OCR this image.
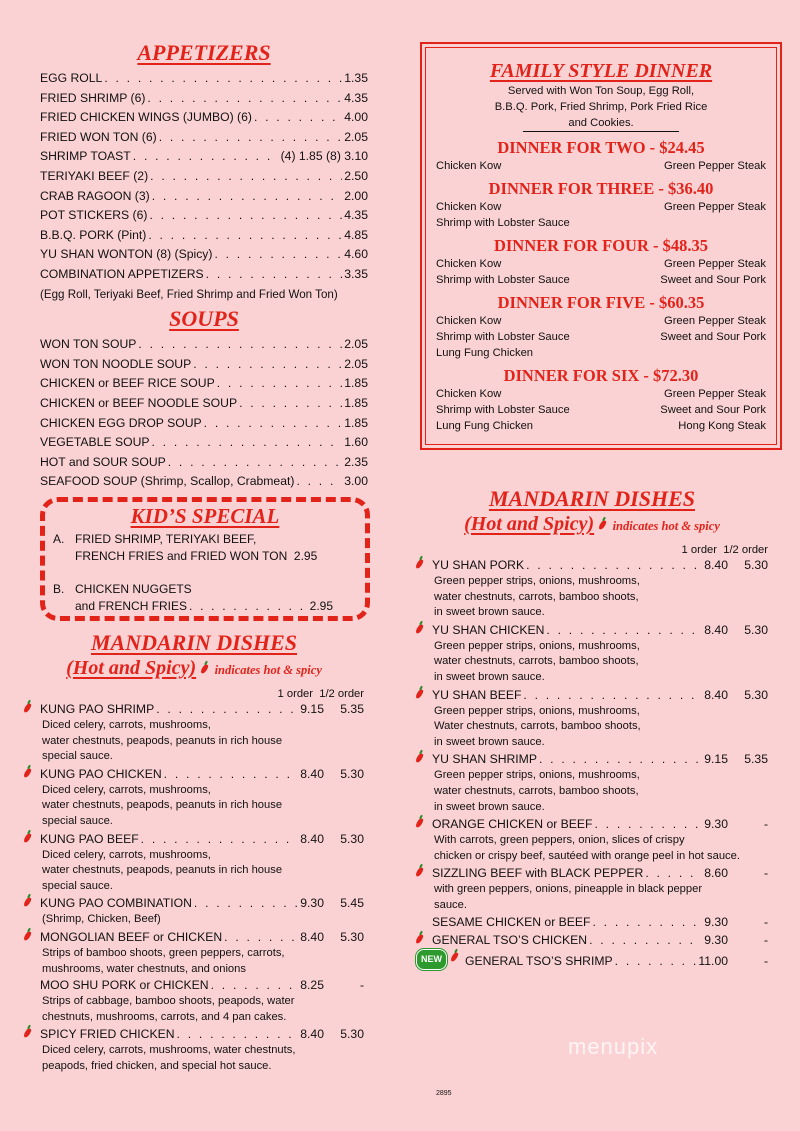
APPETIZERS
EGG ROLL . . .	1.35
FRIED SHRIMP (6) . . .	4.35
FRIED CHICKEN WINGS (JUMBO) (6) . . .	4.00
FRIED WON TON (6) . . .	2.05
SHRIMP TOAST . . .	(4) 1.85 (8) 3.10
TERIYAKI BEEF (2) . . .	2.50
CRAB RAGOON (3) . . .	2.00
POT STICKERS (6) . . .	4.35
B.B.Q. PORK (Pint) . . .	4.85
YU SHAN WONTON (8) (Spicy) . . .	4.60
COMBINATION APPETIZERS . . .	3.35
(Egg Roll, Teriyaki Beef, Fried Shrimp and Fried Won Ton)
SOUPS
WON TON SOUP . . .	2.05
WON TON NOODLE SOUP . . .	2.05
CHICKEN or BEEF RICE SOUP . . .	1.85
CHICKEN or BEEF NOODLE SOUP . . .	1.85
CHICKEN EGG DROP SOUP . . .	1.85
VEGETABLE SOUP . . .	1.60
HOT and SOUR SOUP . . .	2.35
SEAFOOD SOUP (Shrimp, Scallop, Crabmeat) . . .	3.00
KID’S SPECIAL
A. FRIED SHRIMP, TERIYAKI BEEF,
FRENCH FRIES and FRIED WON TON 2.95
B. CHICKEN NUGGETS
and FRENCH FRIES . . .	2.95
MANDARIN DISHES
(Hot and Spicy) indicates hot & spicy
1 order 1/2 order
KUNG PAO SHRIMP . . .	9.15	5.35
Diced celery, carrots, mushrooms,
water chestnuts, peapods, peanuts in rich house
special sauce.
KUNG PAO CHICKEN . . .	8.40	5.30
Diced celery, carrots, mushrooms,
water chestnuts, peapods, peanuts in rich house
special sauce.
KUNG PAO BEEF . . .	8.40	5.30
Diced celery, carrots, mushrooms,
water chestnuts, peapods, peanuts in rich house
special sauce.
KUNG PAO COMBINATION . . .	9.30	5.45
(Shrimp, Chicken, Beef)
MONGOLIAN BEEF or CHICKEN . . .	8.40	5.30
Strips of bamboo shoots, green peppers, carrots,
mushrooms, water chestnuts, and onions
MOO SHU PORK or CHICKEN . . .	8.25	-
Strips of cabbage, bamboo shoots, peapods, water
chestnuts, mushrooms, carrots, and 4 pan cakes.
SPICY FRIED CHICKEN . . .	8.40	5.30
Diced celery, carrots, mushrooms, water chestnuts,
peapods, fried chicken, and special hot sauce.
FAMILY STYLE DINNER
Served with Won Ton Soup, Egg Roll,
B.B.Q. Pork, Fried Shrimp, Pork Fried Rice
and Cookies.
DINNER FOR TWO - $24.45
Chicken Kow	Green Pepper Steak
DINNER FOR THREE - $36.40
Chicken Kow	Green Pepper Steak
Shrimp with Lobster Sauce
DINNER FOR FOUR - $48.35
Chicken Kow	Green Pepper Steak
Shrimp with Lobster Sauce	Sweet and Sour Pork
DINNER FOR FIVE - $60.35
Chicken Kow	Green Pepper Steak
Shrimp with Lobster Sauce	Sweet and Sour Pork
Lung Fung Chicken
DINNER FOR SIX - $72.30
Chicken Kow	Green Pepper Steak
Shrimp with Lobster Sauce	Sweet and Sour Pork
Lung Fung Chicken	Hong Kong Steak
MANDARIN DISHES
(Hot and Spicy) indicates hot & spicy
1 order 1/2 order
YU SHAN PORK . . .	8.40	5.30
Green pepper strips, onions, mushrooms,
water chestnuts, carrots, bamboo shoots,
in sweet brown sauce.
YU SHAN CHICKEN . . .	8.40	5.30
Green pepper strips, onions, mushrooms,
water chestnuts, carrots, bamboo shoots,
in sweet brown sauce.
YU SHAN BEEF . . .	8.40	5.30
Green pepper strips, onions, mushrooms,
Water chestnuts, carrots, bamboo shoots,
in sweet brown sauce.
YU SHAN SHRIMP . . .	9.15	5.35
Green pepper strips, onions, mushrooms,
water chestnuts, carrots, bamboo shoots,
in sweet brown sauce.
ORANGE CHICKEN or BEEF . . .	9.30	-
With carrots, green peppers, onion, slices of crispy
chicken or crispy beef, sautéed with orange peel in hot sauce.
SIZZLING BEEF with BLACK PEPPER . . .	8.60	-
with green peppers, onions, pineapple in black pepper
sauce.
SESAME CHICKEN or BEEF . . .	9.30	-
GENERAL TSO’S CHICKEN . . .	9.30	-
NEW	GENERAL TSO’S SHRIMP . . .	11.00	-
2895
menupix
